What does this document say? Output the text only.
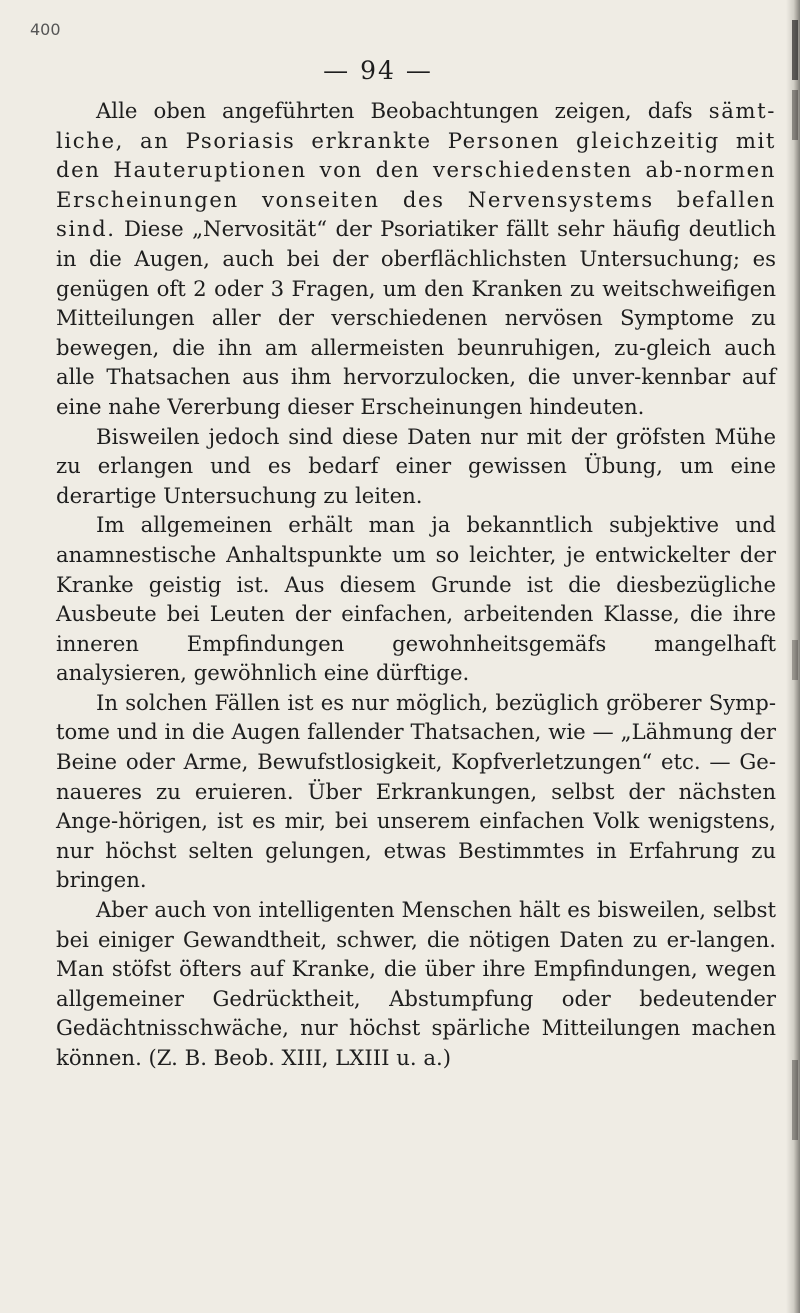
400
— 94 —

Alle oben angeführten Beobachtungen zeigen, dafs sämt-liche, an Psoriasis erkrankte Personen gleichzeitig mit den Hauteruptionen von den verschiedensten ab-normen Erscheinungen vonseiten des Nervensystems befallen sind. Diese „Nervosität“ der Psoriatiker fällt sehr häufig deutlich in die Augen, auch bei der oberflächlichsten Untersuchung; es genügen oft 2 oder 3 Fragen, um den Kranken zu weitschweifigen Mitteilungen aller der verschiedenen nervösen Symptome zu bewegen, die ihn am allermeisten beunruhigen, zu-gleich auch alle Thatsachen aus ihm hervorzulocken, die unver-kennbar auf eine nahe Vererbung dieser Erscheinungen hindeuten.

Bisweilen jedoch sind diese Daten nur mit der gröfsten Mühe zu erlangen und es bedarf einer gewissen Übung, um eine derartige Untersuchung zu leiten.

Im allgemeinen erhält man ja bekanntlich subjektive und anamnestische Anhaltspunkte um so leichter, je entwickelter der Kranke geistig ist. Aus diesem Grunde ist die diesbezügliche Ausbeute bei Leuten der einfachen, arbeitenden Klasse, die ihre inneren Empfindungen gewohnheitsgemäfs mangelhaft analysieren, gewöhnlich eine dürftige.

In solchen Fällen ist es nur möglich, bezüglich gröberer Symp-tome und in die Augen fallender Thatsachen, wie — „Lähmung der Beine oder Arme, Bewufstlosigkeit, Kopfverletzungen“ etc. — Ge-naueres zu eruieren. Über Erkrankungen, selbst der nächsten Ange-hörigen, ist es mir, bei unserem einfachen Volk wenigstens, nur höchst selten gelungen, etwas Bestimmtes in Erfahrung zu bringen.

Aber auch von intelligenten Menschen hält es bisweilen, selbst bei einiger Gewandtheit, schwer, die nötigen Daten zu er-langen. Man stöfst öfters auf Kranke, die über ihre Empfindungen, wegen allgemeiner Gedrücktheit, Abstumpfung oder bedeutender Gedächtnisschwäche, nur höchst spärliche Mitteilungen machen können. (Z. B. Beob. XIII, LXIII u. a.)
